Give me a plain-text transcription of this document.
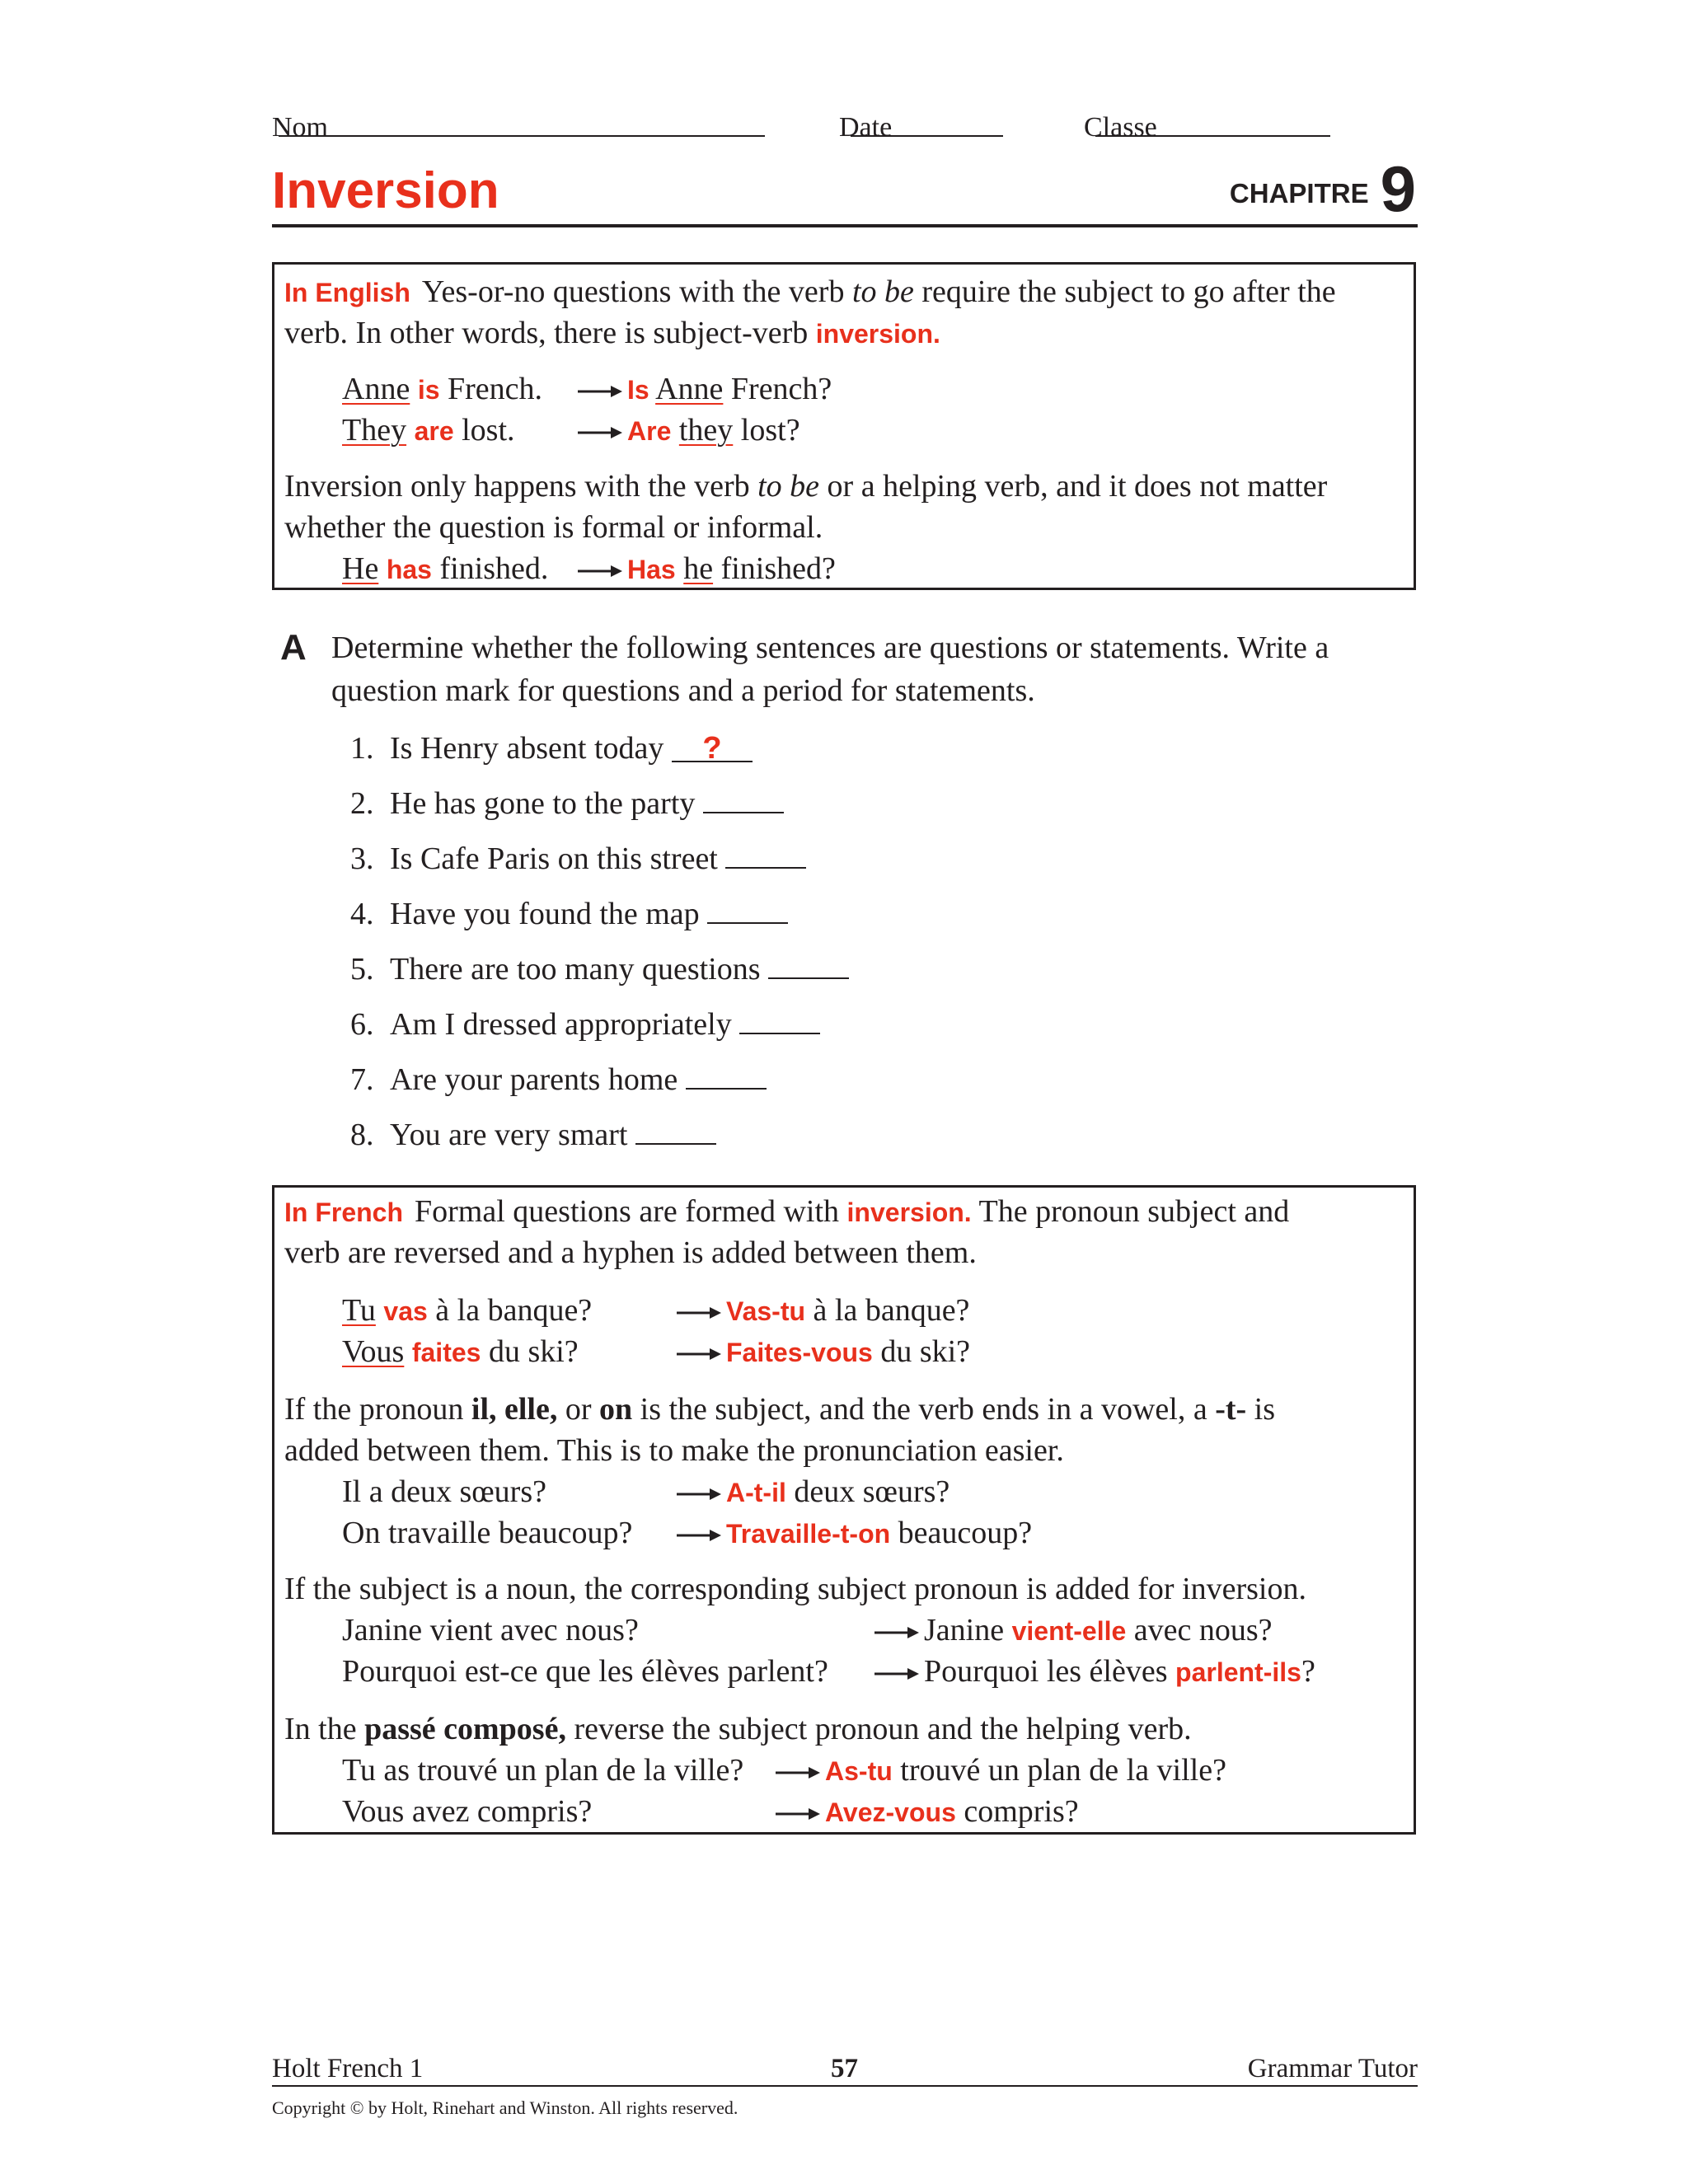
Nom	Date	Classe
Inversion	CHAPITRE 9
In English Yes-or-no questions with the verb to be require the subject to go after the
verb. In other words, there is subject-verb inversion.
Anne is French.	Is Anne French?
They are lost.	Are they lost?
Inversion only happens with the verb to be or a helping verb, and it does not matter
whether the question is formal or informal.
He has finished.	Has he finished?
A Determine whether the following sentences are questions or statements. Write a
question mark for questions and a period for statements.
1. Is Henry absent today ?
2. He has gone to the party
3. Is Cafe Paris on this street
4. Have you found the map
5. There are too many questions
6. Am I dressed appropriately
7. Are your parents home
8. You are very smart
In French Formal questions are formed with inversion. The pronoun subject and
verb are reversed and a hyphen is added between them.
Tu vas à la banque?	Vas-tu à la banque?
Vous faites du ski?	Faites-vous du ski?
If the pronoun il, elle, or on is the subject, and the verb ends in a vowel, a -t- is
added between them. This is to make the pronunciation easier.
Il a deux sœurs?	A-t-il deux sœurs?
On travaille beaucoup?	Travaille-t-on beaucoup?
If the subject is a noun, the corresponding subject pronoun is added for inversion.
Janine vient avec nous?	Janine vient-elle avec nous?
Pourquoi est-ce que les élèves parlent?	Pourquoi les élèves parlent-ils?
In the passé composé, reverse the subject pronoun and the helping verb.
Tu as trouvé un plan de la ville?	As-tu trouvé un plan de la ville?
Vous avez compris?	Avez-vous compris?
Holt French 1	57	Grammar Tutor
Copyright © by Holt, Rinehart and Winston. All rights reserved.
